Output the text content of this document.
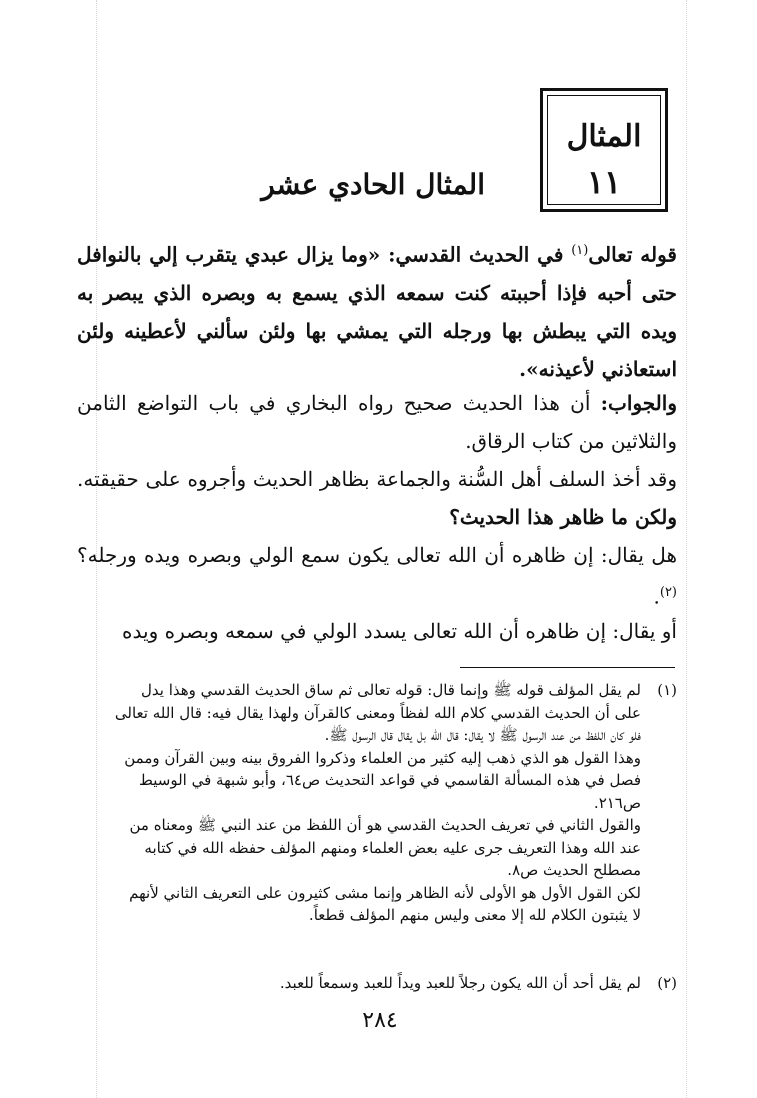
المثال
١١
المثال الحادي عشر
قوله تعالى$^{(١)}$ في الحديث القدسي: «وما يزال عبدي يتقرب إلي بالنوافل حتى أحبه فإذا أحببته كنت سمعه الذي يسمع به وبصره الذي يبصر به ويده التي يبطش بها ورجله التي يمشي بها ولئن سألني لأعطينه ولئن استعاذني لأعيذنه».
والجواب: أن هذا الحديث صحيح رواه البخاري في باب التواضع الثامن والثلاثين من كتاب الرقاق.
وقد أخذ السلف أهل السُّنة والجماعة بظاهر الحديث وأجروه على حقيقته. ولكن ما ظاهر هذا الحديث؟
هل يقال: إن ظاهره أن الله تعالى يكون سمع الولي وبصره ويده ورجله؟$^{(٢)}$.
أو يقال: إن ظاهره أن الله تعالى يسدد الولي في سمعه وبصره ويده
(١)
لم يقل المؤلف قوله ﷺ وإنما قال: قوله تعالى ثم ساق الحديث القدسي وهذا يدل
على أن الحديث القدسي كلام الله لفظاً ومعنى كالقرآن ولهذا يقال فيه: قال الله تعالى
فلو كان اللفظ من عند الرسول ﷺ لا يقال: قال الله بل يقال قال الرسول ﷺ.
وهذا القول هو الذي ذهب إليه كثير من العلماء وذكروا الفروق بينه وبين القرآن وممن
فصل في هذه المسألة القاسمي في قواعد التحديث ص٦٤، وأبو شبهة في الوسيط
ص٢١٦.
والقول الثاني في تعريف الحديث القدسي هو أن اللفظ من عند النبي ﷺ ومعناه من
عند الله وهذا التعريف جرى عليه بعض العلماء ومنهم المؤلف حفظه الله في كتابه
مصطلح الحديث ص٨.
لكن القول الأول هو الأولى لأنه الظاهر وإنما مشى كثيرون على التعريف الثاني لأنهم
لا يثبتون الكلام لله إلا معنى وليس منهم المؤلف قطعاً.
(٢)
لم يقل أحد أن الله يكون رجلاً للعبد ويداً للعبد وسمعاً للعبد.
٢٨٤
